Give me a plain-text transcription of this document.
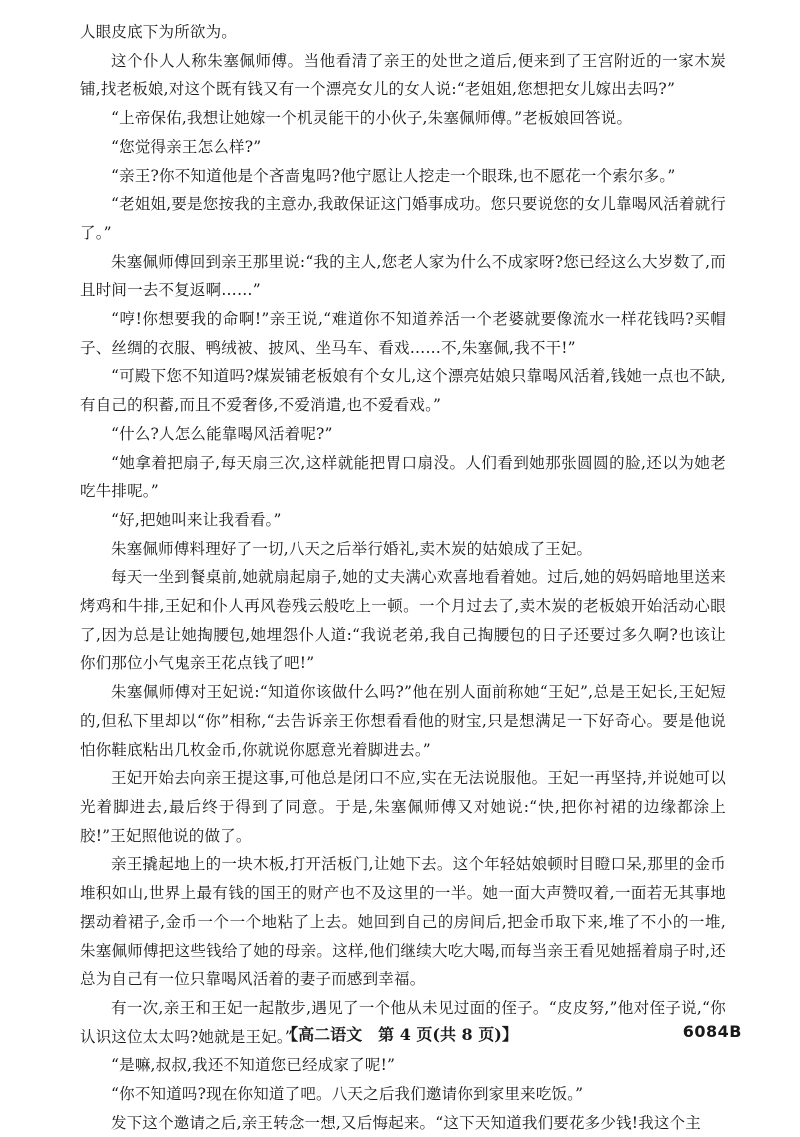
人眼皮底下为所欲为。

这个仆人人称朱塞佩师傅。当他看清了亲王的处世之道后,便来到了王宫附近的一家木炭铺,找老板娘,对这个既有钱又有一个漂亮女儿的女人说:“老姐姐,您想把女儿嫁出去吗?”

“上帝保佑,我想让她嫁一个机灵能干的小伙子,朱塞佩师傅。”老板娘回答说。

“您觉得亲王怎么样?”

“亲王?你不知道他是个吝啬鬼吗?他宁愿让人挖走一个眼珠,也不愿花一个索尔多。”

“老姐姐,要是您按我的主意办,我敢保证这门婚事成功。您只要说您的女儿靠喝风活着就行了。”

朱塞佩师傅回到亲王那里说:“我的主人,您老人家为什么不成家呀?您已经这么大岁数了,而且时间一去不复返啊……”

“哼!你想要我的命啊!”亲王说,“难道你不知道养活一个老婆就要像流水一样花钱吗?买帽子、丝绸的衣服、鸭绒被、披风、坐马车、看戏……不,朱塞佩,我不干!”

“可殿下您不知道吗?煤炭铺老板娘有个女儿,这个漂亮姑娘只靠喝风活着,钱她一点也不缺,有自己的积蓄,而且不爱奢侈,不爱消遣,也不爱看戏。”

“什么?人怎么能靠喝风活着呢?”

“她拿着把扇子,每天扇三次,这样就能把胃口扇没。人们看到她那张圆圆的脸,还以为她老吃牛排呢。”

“好,把她叫来让我看看。”

朱塞佩师傅料理好了一切,八天之后举行婚礼,卖木炭的姑娘成了王妃。

每天一坐到餐桌前,她就扇起扇子,她的丈夫满心欢喜地看着她。过后,她的妈妈暗地里送来烤鸡和牛排,王妃和仆人再风卷残云般吃上一顿。一个月过去了,卖木炭的老板娘开始活动心眼了,因为总是让她掏腰包,她埋怨仆人道:“我说老弟,我自己掏腰包的日子还要过多久啊?也该让你们那位小气鬼亲王花点钱了吧!”

朱塞佩师傅对王妃说:“知道你该做什么吗?”他在别人面前称她“王妃”,总是王妃长,王妃短的,但私下里却以“你”相称,“去告诉亲王你想看看他的财宝,只是想满足一下好奇心。要是他说怕你鞋底粘出几枚金币,你就说你愿意光着脚进去。”

王妃开始去向亲王提这事,可他总是闭口不应,实在无法说服他。王妃一再坚持,并说她可以光着脚进去,最后终于得到了同意。于是,朱塞佩师傅又对她说:“快,把你衬裙的边缘都涂上胶!”王妃照他说的做了。

亲王撬起地上的一块木板,打开活板门,让她下去。这个年轻姑娘顿时目瞪口呆,那里的金币堆积如山,世界上最有钱的国王的财产也不及这里的一半。她一面大声赞叹着,一面若无其事地摆动着裙子,金币一个一个地粘了上去。她回到自己的房间后,把金币取下来,堆了不小的一堆,朱塞佩师傅把这些钱给了她的母亲。这样,他们继续大吃大喝,而每当亲王看见她摇着扇子时,还总为自己有一位只靠喝风活着的妻子而感到幸福。

有一次,亲王和王妃一起散步,遇见了一个他从未见过面的侄子。“皮皮努,”他对侄子说,“你认识这位太太吗?她就是王妃。”

“是嘛,叔叔,我还不知道您已经成家了呢!”

“你不知道吗?现在你知道了吧。八天之后我们邀请你到家里来吃饭。”

发下这个邀请之后,亲王转念一想,又后悔起来。“这下天知道我们要花多少钱!我这个主

【高二语文　第 4 页(共 8 页)】	6084B
